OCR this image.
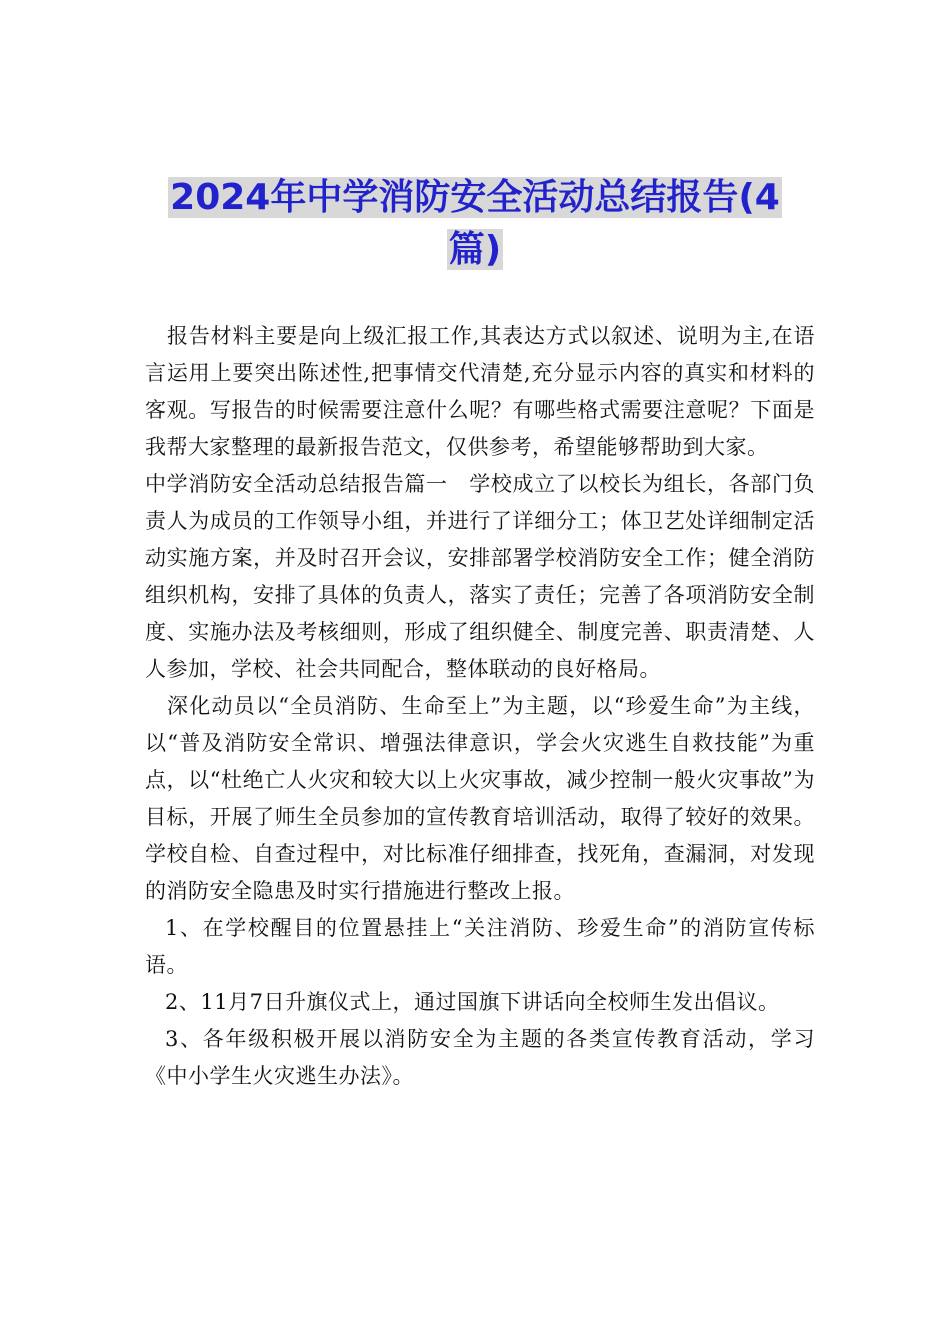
2024年中学消防安全活动总结报告(4
篇)

报告材料主要是向上级汇报工作,其表达方式以叙述、说明为主,在语言运用上要突出陈述性,把事情交代清楚,充分显示内容的真实和材料的客观。写报告的时候需要注意什么呢？有哪些格式需要注意呢？下面是我帮大家整理的最新报告范文，仅供参考，希望能够帮助到大家。

中学消防安全活动总结报告篇一　学校成立了以校长为组长，各部门负责人为成员的工作领导小组，并进行了详细分工；体卫艺处详细制定活动实施方案，并及时召开会议，安排部署学校消防安全工作；健全消防组织机构，安排了具体的负责人，落实了责任；完善了各项消防安全制度、实施办法及考核细则，形成了组织健全、制度完善、职责清楚、人人参加，学校、社会共同配合，整体联动的良好格局。

深化动员以“全员消防、生命至上”为主题，以“珍爱生命”为主线，以“普及消防安全常识、增强法律意识，学会火灾逃生自救技能”为重点，以“杜绝亡人火灾和较大以上火灾事故，减少控制一般火灾事故”为目标，开展了师生全员参加的宣传教育培训活动，取得了较好的效果。学校自检、自查过程中，对比标准仔细排查，找死角，查漏洞，对发现的消防安全隐患及时实行措施进行整改上报。

1、在学校醒目的位置悬挂上“关注消防、珍爱生命”的消防宣传标语。

2、11月7日升旗仪式上，通过国旗下讲话向全校师生发出倡议。

3、各年级积极开展以消防安全为主题的各类宣传教育活动，学习《中小学生火灾逃生办法》。
